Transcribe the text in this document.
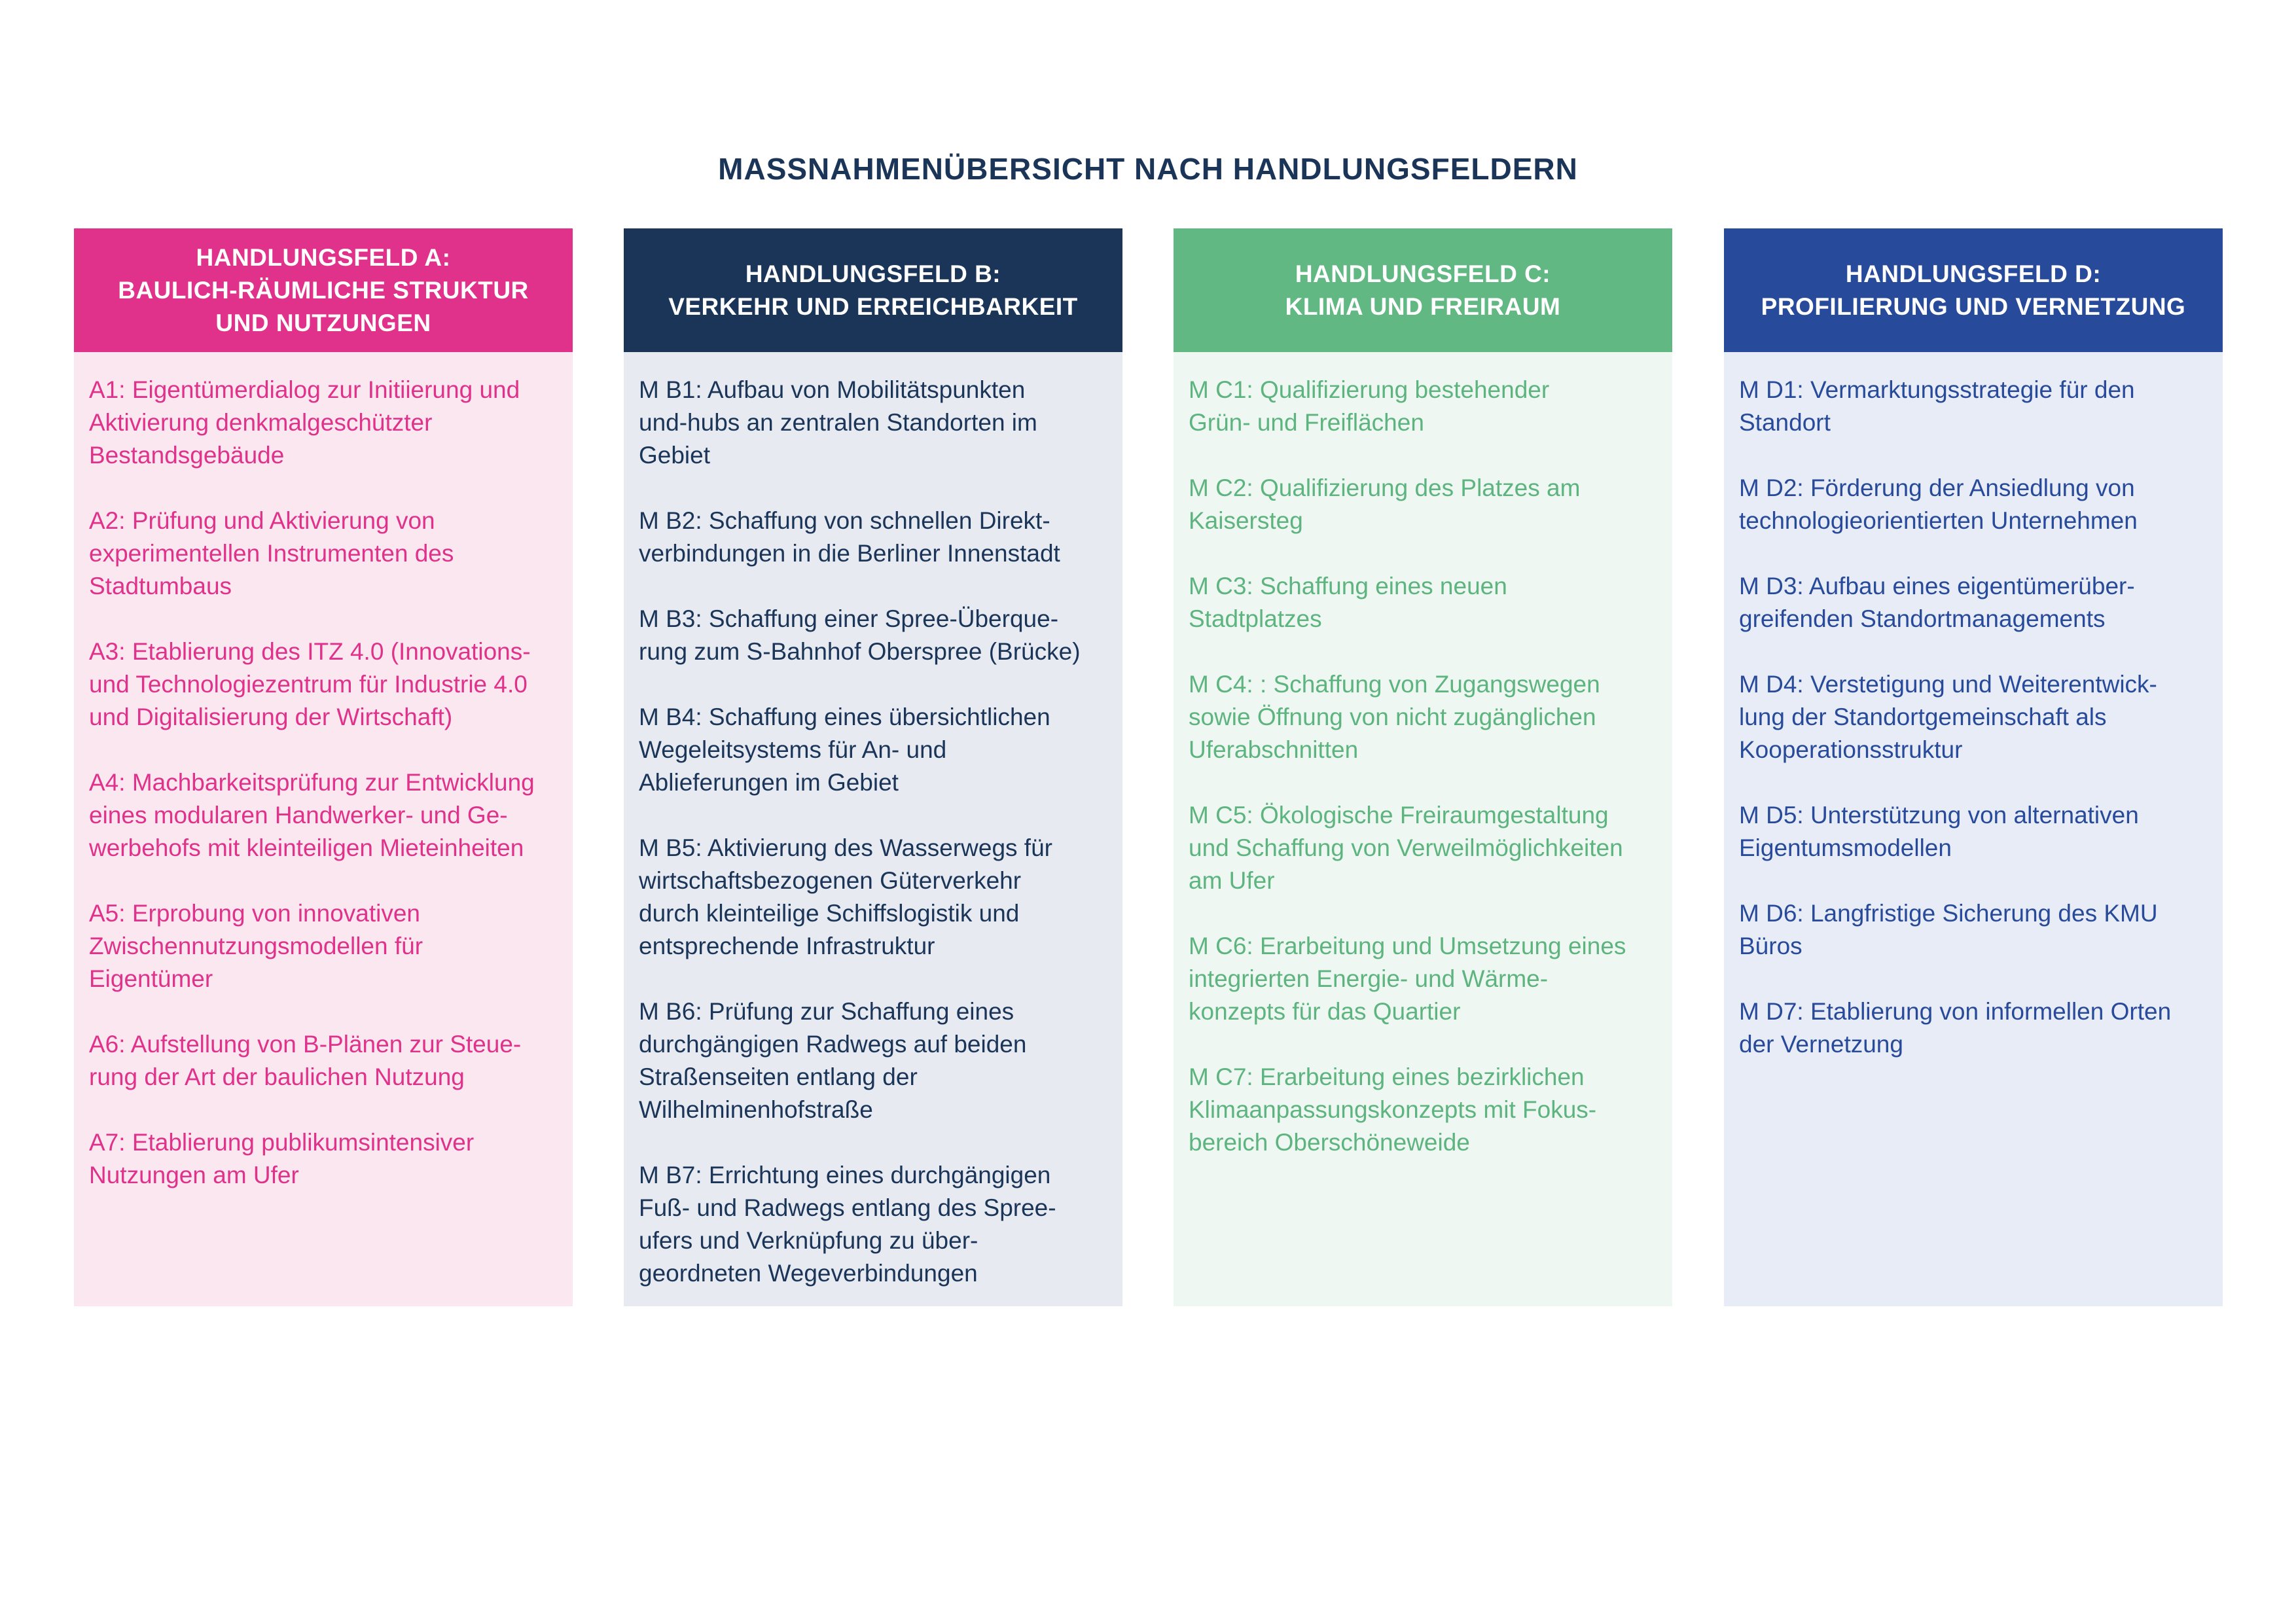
MASSNAHMENÜBERSICHT NACH HANDLUNGSFELDERN
HANDLUNGSFELD A:
BAULICH-RÄUMLICHE STRUKTUR
UND NUTZUNGEN
A1: Eigentümerdialog zur Initiierung und
Aktivierung denkmalgeschützter
Bestandsgebäude
A2: Prüfung und Aktivierung von
experimentellen Instrumenten des
Stadtumbaus
A3: Etablierung des ITZ 4.0 (Innovations-
und Technologiezentrum für Industrie 4.0
und Digitalisierung der Wirtschaft)
A4: Machbarkeitsprüfung zur Entwicklung
eines modularen Handwerker- und Ge-
werbehofs mit kleinteiligen Mieteinheiten
A5: Erprobung von innovativen
Zwischennutzungsmodellen für
Eigentümer
A6: Aufstellung von B-Plänen zur Steue-
rung der Art der baulichen Nutzung
A7: Etablierung publikumsintensiver
Nutzungen am Ufer
HANDLUNGSFELD B:
VERKEHR UND ERREICHBARKEIT
M B1: Aufbau von Mobilitätspunkten
und-hubs an zentralen Standorten im
Gebiet
M B2: Schaffung von schnellen Direkt-
verbindungen in die Berliner Innenstadt
M B3: Schaffung einer Spree-Überque-
rung zum S-Bahnhof Oberspree (Brücke)
M B4: Schaffung eines übersichtlichen
Wegeleitsystems für An- und
Ablieferungen im Gebiet
M B5: Aktivierung des Wasserwegs für
wirtschaftsbezogenen Güterverkehr
durch kleinteilige Schiffslogistik und
entsprechende Infrastruktur
M B6: Prüfung zur Schaffung eines
durchgängigen Radwegs auf beiden
Straßenseiten entlang der
Wilhelminenhofstraße
M B7: Errichtung eines durchgängigen
Fuß- und Radwegs entlang des Spree-
ufers und Verknüpfung zu über-
geordneten Wegeverbindungen
HANDLUNGSFELD C:
KLIMA UND FREIRAUM
M C1: Qualifizierung bestehender
Grün- und Freiflächen
M C2: Qualifizierung des Platzes am
Kaisersteg
M C3: Schaffung eines neuen
Stadtplatzes
M C4: : Schaffung von Zugangswegen
sowie Öffnung von nicht zugänglichen
Uferabschnitten
M C5: Ökologische Freiraumgestaltung
und Schaffung von Verweilmöglichkeiten
am Ufer
M C6: Erarbeitung und Umsetzung eines
integrierten Energie- und Wärme-
konzepts für das Quartier
M C7: Erarbeitung eines bezirklichen
Klimaanpassungskonzepts mit Fokus-
bereich Oberschöneweide
HANDLUNGSFELD D:
PROFILIERUNG UND VERNETZUNG
M D1: Vermarktungsstrategie für den
Standort
M D2: Förderung der Ansiedlung von
technologieorientierten Unternehmen
M D3: Aufbau eines eigentümerüber-
greifenden Standortmanagements
M D4: Verstetigung und Weiterentwick-
lung der Standortgemeinschaft als
Kooperationsstruktur
M D5: Unterstützung von alternativen
Eigentumsmodellen
M D6: Langfristige Sicherung des KMU
Büros
M D7: Etablierung von informellen Orten
der Vernetzung
